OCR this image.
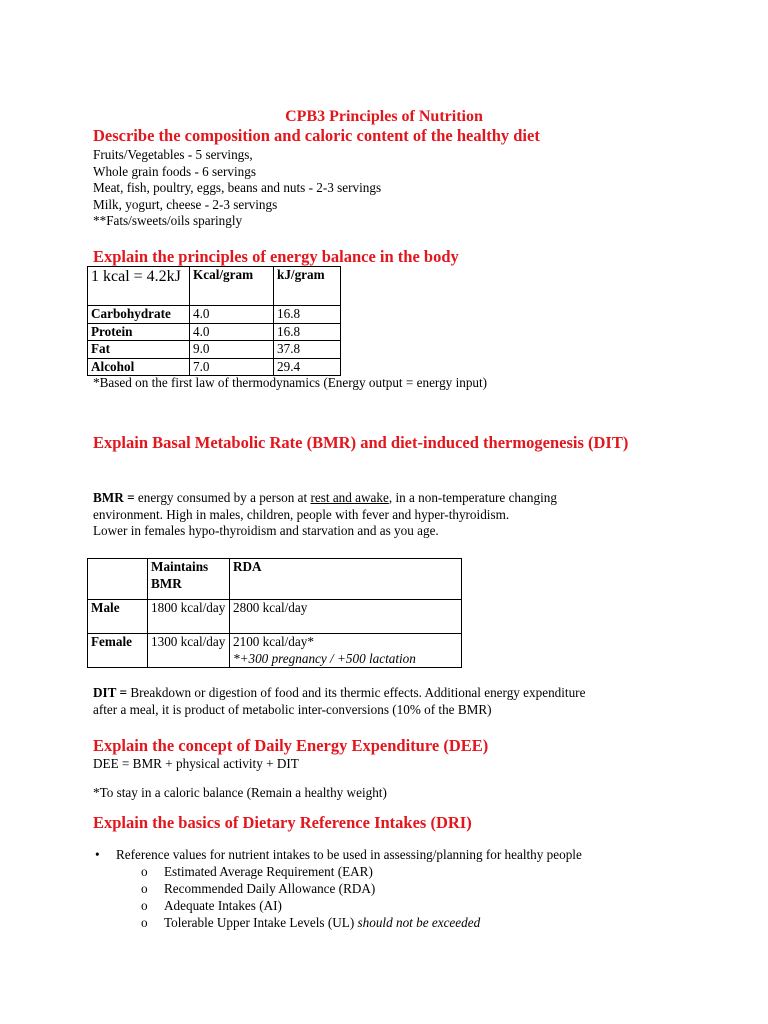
CPB3 Principles of Nutrition
Describe the composition and caloric content of the healthy diet
Fruits/Vegetables - 5 servings,
Whole grain foods - 6 servings
Meat, fish, poultry, eggs, beans and nuts - 2-3 servings
Milk, yogurt, cheese - 2-3 servings
**Fats/sweets/oils sparingly
Explain the principles of energy balance in the body
1 kcal = 4.2kJ	Kcal/gram	kJ/gram
Carbohydrate	4.0	16.8
Protein	4.0	16.8
Fat	9.0	37.8
Alcohol	7.0	29.4
*Based on the first law of thermodynamics (Energy output = energy input)
Explain Basal Metabolic Rate (BMR) and diet-induced thermogenesis (DIT)
BMR = energy consumed by a person at rest and awake, in a non-temperature changing
environment. High in males, children, people with fever and hyper-thyroidism.
Lower in females hypo-thyroidism and starvation and as you age.
	Maintains BMR	RDA
Male	1800 kcal/day	2800 kcal/day
Female	1300 kcal/day	2100 kcal/day*
*+300 pregnancy / +500 lactation
DIT = Breakdown or digestion of food and its thermic effects. Additional energy expenditure
after a meal, it is product of metabolic inter-conversions (10% of the BMR)
Explain the concept of Daily Energy Expenditure (DEE)
DEE = BMR + physical activity + DIT
*To stay in a caloric balance (Remain a healthy weight)
Explain the basics of Dietary Reference Intakes (DRI)
• Reference values for nutrient intakes to be used in assessing/planning for healthy people
o Estimated Average Requirement (EAR)
o Recommended Daily Allowance (RDA)
o Adequate Intakes (AI)
o Tolerable Upper Intake Levels (UL) should not be exceeded
